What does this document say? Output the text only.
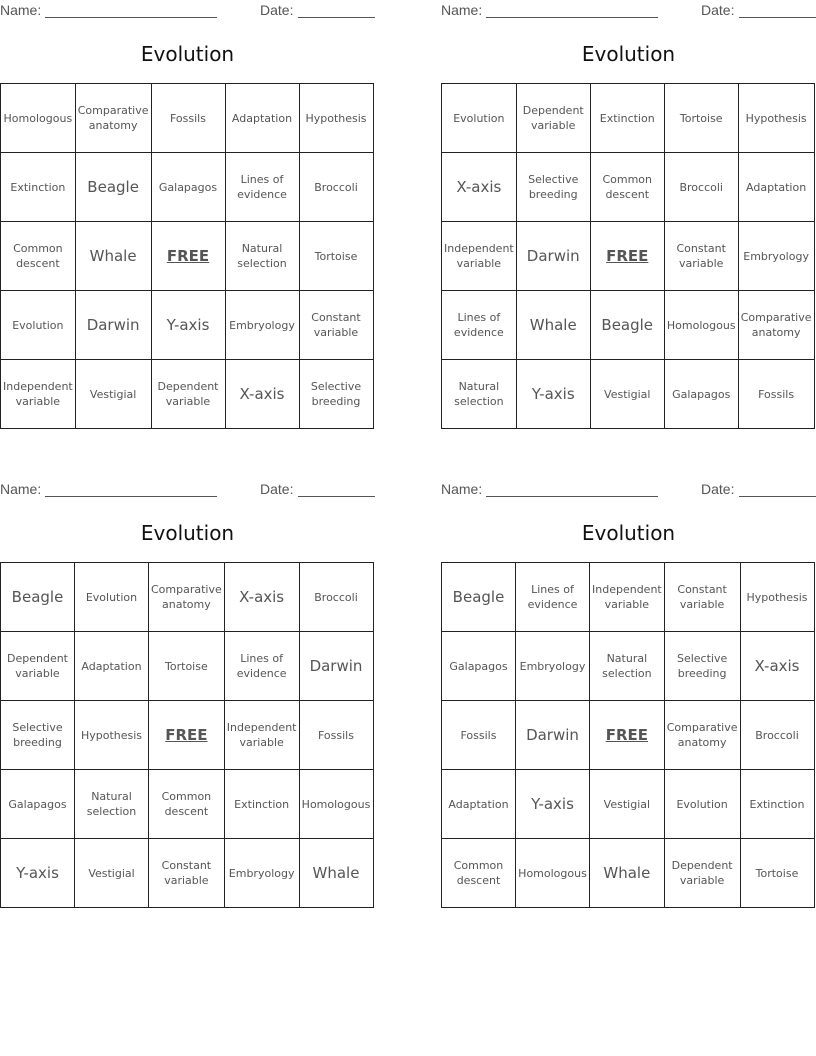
Name:	Date:
Evolution
Homologous	Comparative anatomy	Fossils	Adaptation	Hypothesis
Extinction	Beagle	Galapagos	Lines of evidence	Broccoli
Common descent	Whale	FREE	Natural selection	Tortoise
Evolution	Darwin	Y-axis	Embryology	Constant variable
Independent variable	Vestigial	Dependent variable	X-axis	Selective breeding
Name:	Date:
Evolution
Evolution	Dependent variable	Extinction	Tortoise	Hypothesis
X-axis	Selective breeding	Common descent	Broccoli	Adaptation
Independent variable	Darwin	FREE	Constant variable	Embryology
Lines of evidence	Whale	Beagle	Homologous	Comparative anatomy
Natural selection	Y-axis	Vestigial	Galapagos	Fossils
Name:	Date:
Evolution
Beagle	Evolution	Comparative anatomy	X-axis	Broccoli
Dependent variable	Adaptation	Tortoise	Lines of evidence	Darwin
Selective breeding	Hypothesis	FREE	Independent variable	Fossils
Galapagos	Natural selection	Common descent	Extinction	Homologous
Y-axis	Vestigial	Constant variable	Embryology	Whale
Name:	Date:
Evolution
Beagle	Lines of evidence	Independent variable	Constant variable	Hypothesis
Galapagos	Embryology	Natural selection	Selective breeding	X-axis
Fossils	Darwin	FREE	Comparative anatomy	Broccoli
Adaptation	Y-axis	Vestigial	Evolution	Extinction
Common descent	Homologous	Whale	Dependent variable	Tortoise
